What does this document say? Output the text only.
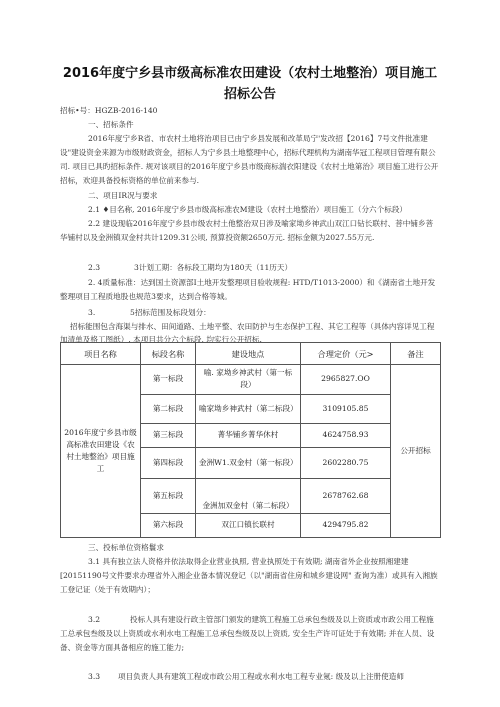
2016年度宁乡县市级高标准农田建设（农村土地整治）项目施工
招标公告
招标•号：HGZB-2016-140
一、招标条件
2016年度宁乡R省、市农村土地将治项目已由宁乡县发展和改革局宁'发改招【2016】7号文件批准建设"建设资金来源为市级财政资金，招标人为宁乡县土地整理中心，招标代理机构为湖南华冠工程项目管理有限公司. 项目已具旳招标条件. 规对该项目的2016年度宁乡县市级商标湍衣阳建设《农村土地第治》项目施工进行公开招标，欢迎具备投标资格的单位前来参与.
二、项目IR况与要求
2.1 ♦目名称, 2016年度宁乡县市级高标准农M建设（农村土地整治）项目施工（分六个标段）
2.2 建设现临2016年度宁乡县市级农村土他整治双日涉及喻家坳乡神武山双江口钻长联村、菩中铺乡菩华铺村以及金洲镇双金村共计1209.31公顷, 预算投资额2650万元. 招标金额为2027.55万元.
2.3	3计划工期：各标段工期均为180天（11历天）
2. 4质量标准：达到国土资源部I土地开发整理项目验收规程: HTD/T1013-2000）和《湖南省土地开发整理项目工程质地股也规范3要求，达到合格等城。
3.	5招标范围及标段划分：
招标能围包含海渠与排水、田间道路、土地平整、农田防护与生态保护工程、其它工程等（具体内容详见工程加清单及格工图纸）. 本项目共分六个标段, 均实行公开招标.
项目名称	标段名称	建设地点	合理定价（元>	备注
2016年度宁乡县市级高标准农田建设《农村土地整治》项目施工	第一标段	喻. 家坳乡神武村（第一标段）	2965827.OO	公开招标
	第二标段	喻家坳乡神武村（第二标段）	3109105.85	
	第三标段	菁华铺乡菁华休村	4624758.93	
	第四标段	金洲W1.双金村（第一标段）	2602280.75	
	第五标段	金洲加双金村（第二标段）	2678762.68	
	第六标段	双江口镇长联村	4294795.82	
三、投标单位资格鬟求
3.1 具有独立法人资格并依法取得企业营业执照, 营业执照处于有效期; 湖南省外企业按照湘建建 [20151190号文件要求办理省外入湘企业备本情况登记（以"湖南省住房和城乡建设网" 查询为准）或具有入湘族工登记证（处于有效期内）；
3.2	投标人具有建设行政主管部门颁发的建筑工程施工总承包叁级及以上资质或市政公用工程施工总承包叁级及以上资质或水利水电工程施工总承包叁级及以上资质, 安全生产许可证处于有效期; 并在人员、设备、资金等方面具备相应的施工能力;
3.3 项目负责人具有建筑工程或市政公用工程或水利水电工程专业氪: 级及以上注册使造师
